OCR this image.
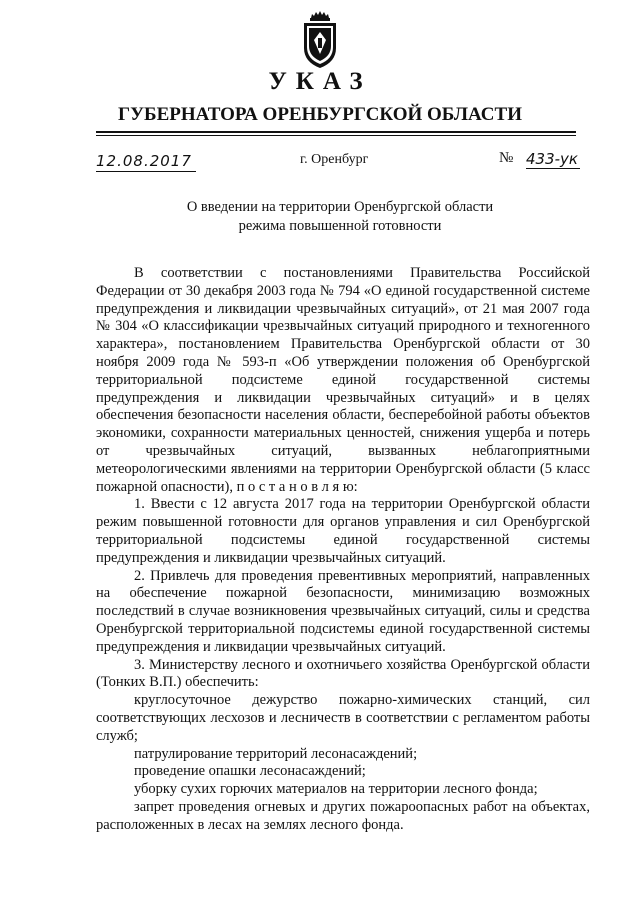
УКАЗ
ГУБЕРНАТОРА ОРЕНБУРГСКОЙ ОБЛАСТИ
12.08.2017	г. Оренбург	№ 433-ук
О введении на территории Оренбургской области
режима повышенной готовности

В соответствии с постановлениями Правительства Российской Федерации от 30 декабря 2003 года № 794 «О единой государственной системе предупреждения и ликвидации чрезвычайных ситуаций», от 21 мая 2007 года № 304 «О классификации чрезвычайных ситуаций природного и техногенного характера», постановлением Правительства Оренбургской области от 30 ноября 2009 года № 593-п «Об утверждении положения об Оренбургской территориальной подсистеме единой государственной системы предупреждения и ликвидации чрезвычайных ситуаций» и в целях обеспечения безопасности населения области, бесперебойной работы объектов экономики, сохранности материальных ценностей, снижения ущерба и потерь от чрезвычайных ситуаций, вызванных неблагоприятными метеорологическими явлениями на территории Оренбургской области (5 класс пожарной опасности), п о с т а н о в л я ю:

1. Ввести с 12 августа 2017 года на территории Оренбургской области режим повышенной готовности для органов управления и сил Оренбургской территориальной подсистемы единой государственной системы предупреждения и ликвидации чрезвычайных ситуаций.

2. Привлечь для проведения превентивных мероприятий, направленных на обеспечение пожарной безопасности, минимизацию возможных последствий в случае возникновения чрезвычайных ситуаций, силы и средства Оренбургской территориальной подсистемы единой государственной системы предупреждения и ликвидации чрезвычайных ситуаций.

3. Министерству лесного и охотничьего хозяйства Оренбургской области (Тонких В.П.) обеспечить:

круглосуточное дежурство пожарно-химических станций, сил соответствующих лесхозов и лесничеств в соответствии с регламентом работы служб;

патрулирование территорий лесонасаждений;

проведение опашки лесонасаждений;

уборку сухих горючих материалов на территории лесного фонда;

запрет проведения огневых и других пожароопасных работ на объектах, расположенных в лесах на землях лесного фонда.
